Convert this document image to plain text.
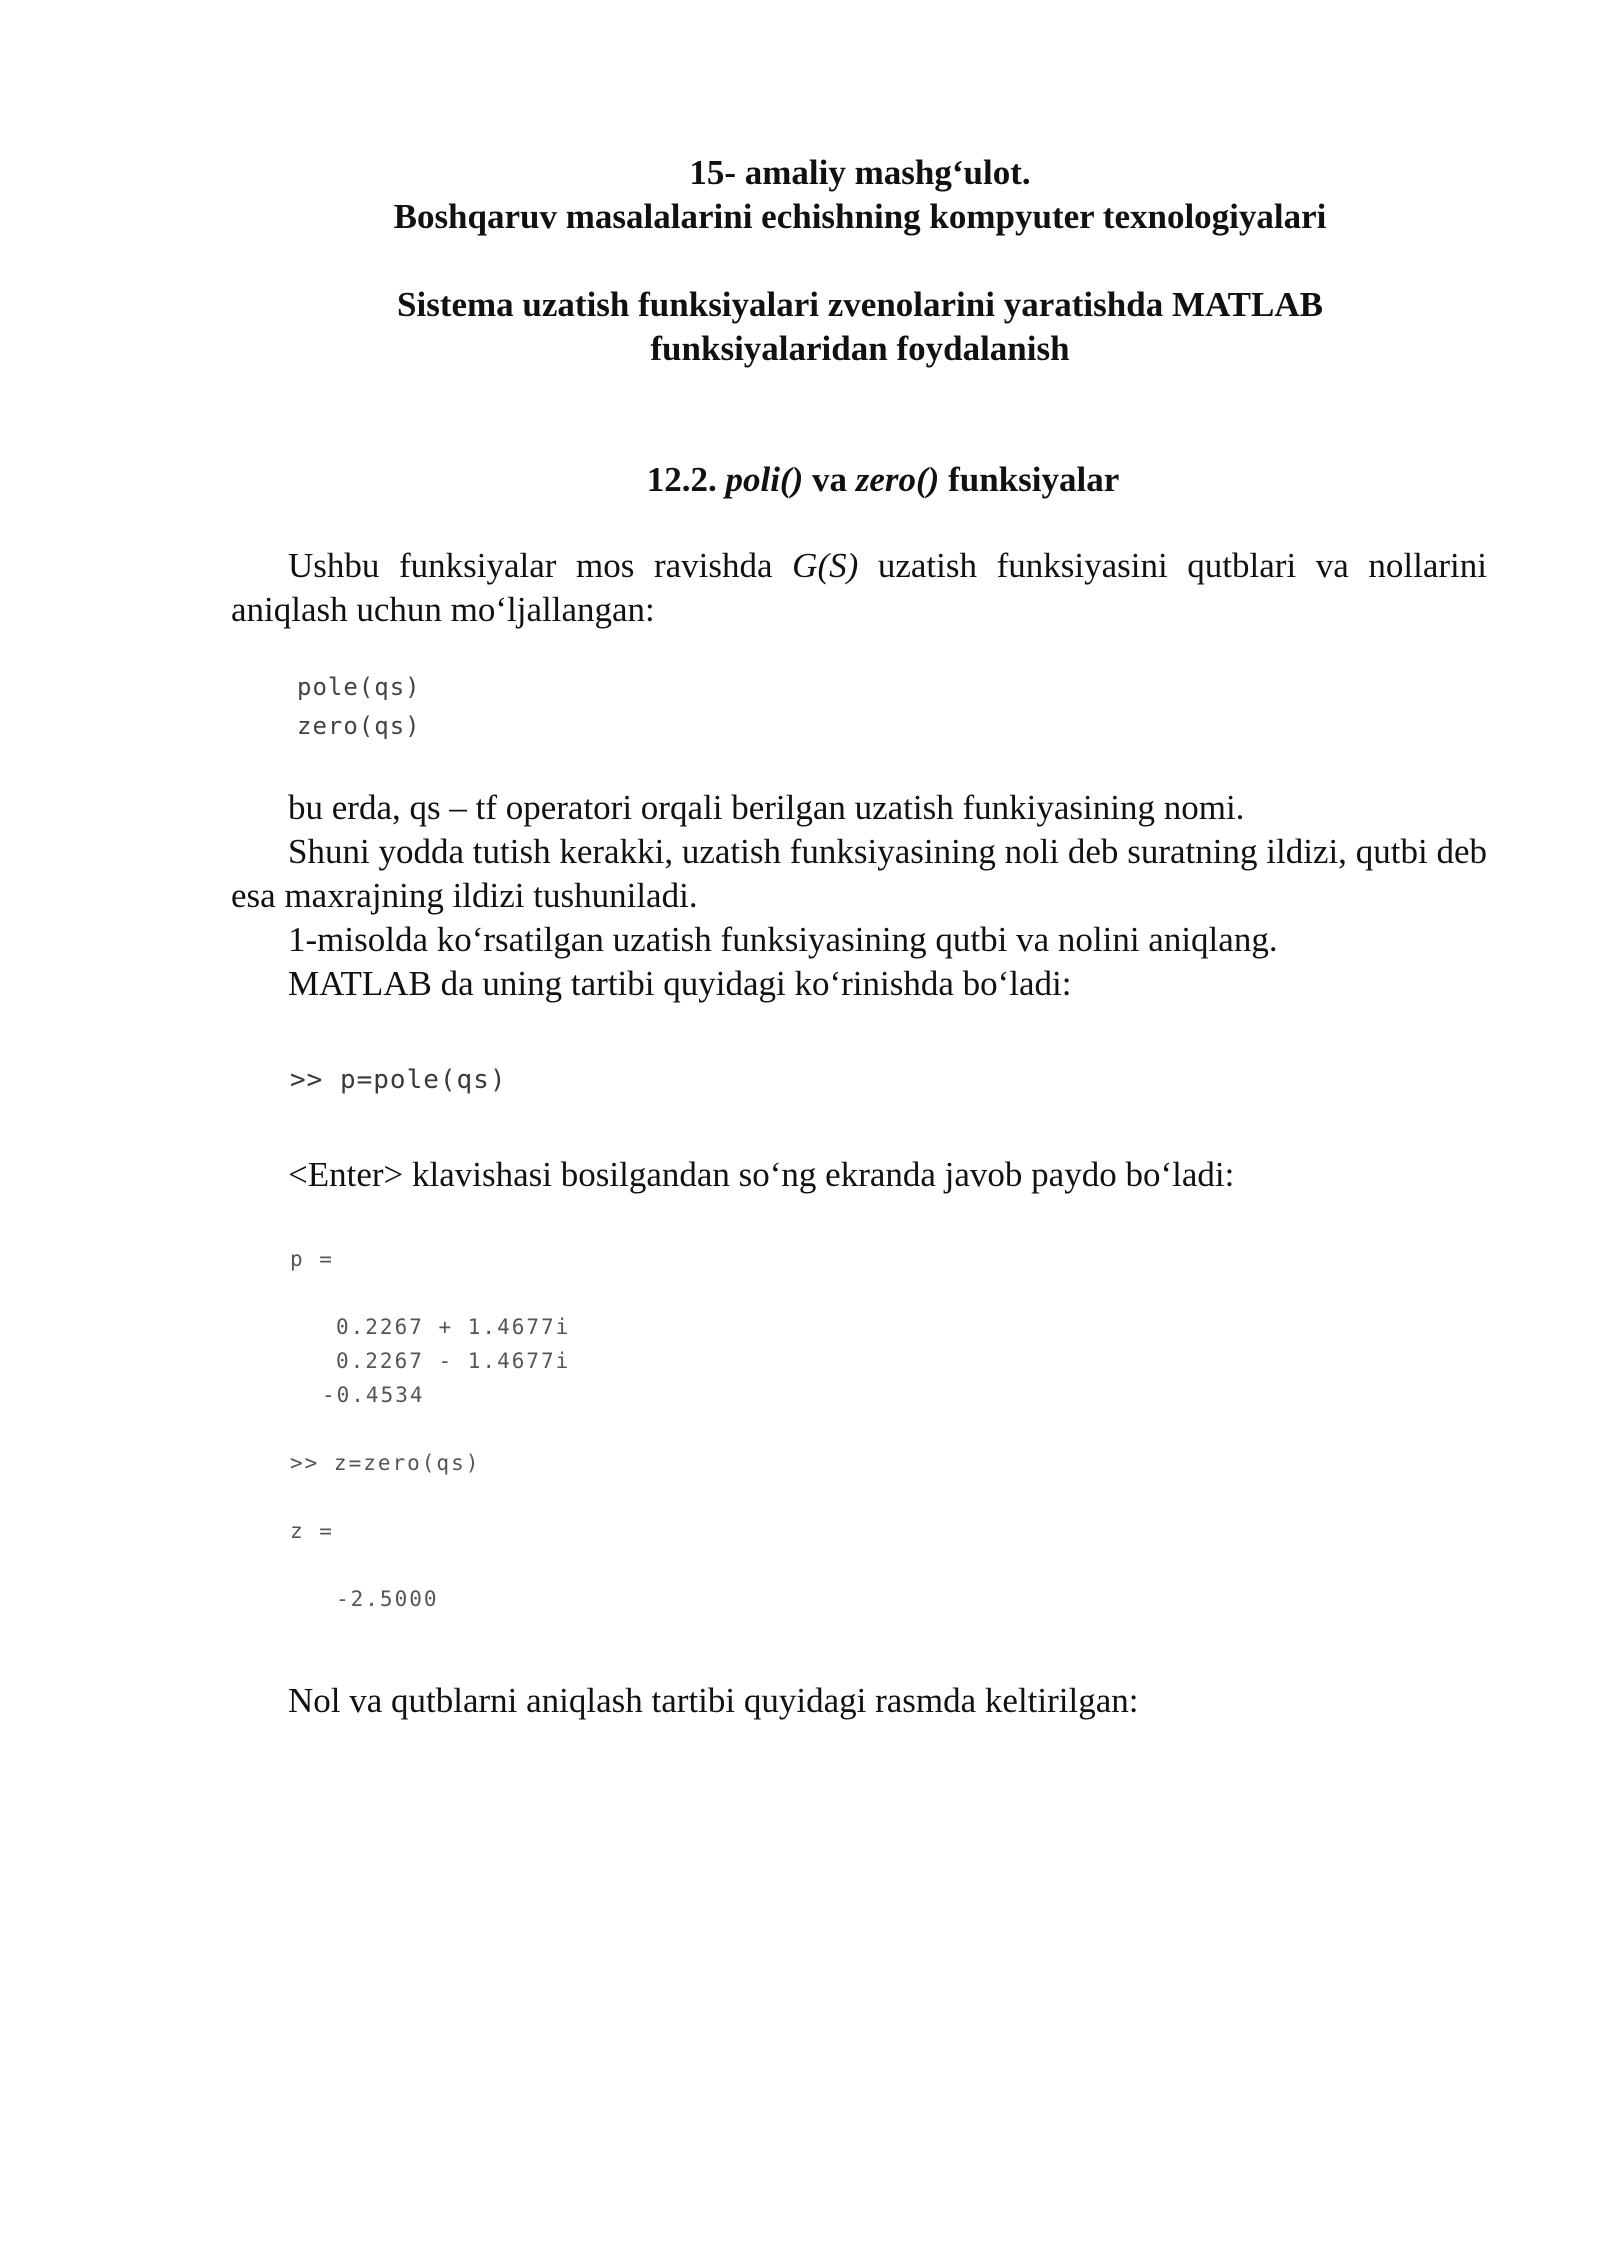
15- amaliy mashg‘ulot.
Boshqaruv masalalarini echishning kompyuter texnologiyalari
Sistema uzatish funksiyalari zvenolarini yaratishda MATLAB
funksiyalaridan foydalanish
12.2. poli() va zero() funksiyalar
Ushbu funksiyalar mos ravishda G(S) uzatish funksiyasini qutblari va nollarini aniqlash uchun mo‘ljallangan:
pole(qs)
zero(qs)
bu erda, qs – tf operatori orqali berilgan uzatish funkiyasining nomi.
Shuni yodda tutish kerakki, uzatish funksiyasining noli deb suratning ildizi, qutbi deb esa maxrajning ildizi tushuniladi.
1-misolda ko‘rsatilgan uzatish funksiyasining qutbi va nolini aniqlang.
MATLAB da uning tartibi quyidagi ko‘rinishda bo‘ladi:
>> p=pole(qs)
<Enter> klavishasi bosilgandan so‘ng ekranda javob paydo bo‘ladi:
p =
0.2267 + 1.4677i
0.2267 - 1.4677i
-0.4534
>> z=zero(qs)
z =
-2.5000
Nol va qutblarni aniqlash tartibi quyidagi rasmda keltirilgan:
